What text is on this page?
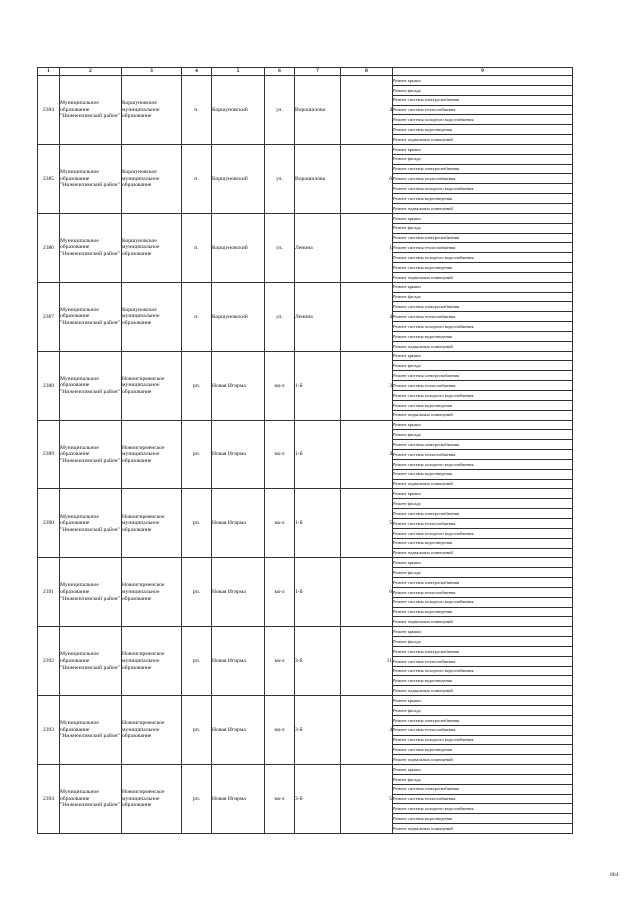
1	2	3	4	5	6	7	8	9
2384	Муниципальное образование "Нижнеилимский район"	Коршуновское муниципальное образование	п.	Коршуновский	ул.	Ворошилова	4	Ремонт крыши
								Ремонт фасада
								Ремонт системы электроснабжения
								Ремонт системы теплоснабжения
								Ремонт системы холодного водоснабжения
								Ремонт системы водоотведения
								Ремонт подвальных помещений
2385	Муниципальное образование "Нижнеилимский район"	Коршуновское муниципальное образование	п.	Коршуновский	ул.	Ворошилова	6	Ремонт крыши
								Ремонт фасада
								Ремонт системы электроснабжения
								Ремонт системы теплоснабжения
								Ремонт системы холодного водоснабжения
								Ремонт системы водоотведения
								Ремонт подвальных помещений
2386	Муниципальное образование "Нижнеилимский район"	Коршуновское муниципальное образование	п.	Коршуновский	ул.	Ленина	1	Ремонт крыши
								Ремонт фасада
								Ремонт системы электроснабжения
								Ремонт системы теплоснабжения
								Ремонт системы холодного водоснабжения
								Ремонт системы водоотведения
								Ремонт подвальных помещений
2387	Муниципальное образование "Нижнеилимский район"	Коршуновское муниципальное образование	п.	Коршуновский	ул.	Ленина	4	Ремонт крыши
								Ремонт фасада
								Ремонт системы электроснабжения
								Ремонт системы теплоснабжения
								Ремонт системы холодного водоснабжения
								Ремонт системы водоотведения
								Ремонт подвальных помещений
2388	Муниципальное образование "Нижнеилимский район"	Новоигирменское муниципальное образование	рп.	Новая Игирма	кв-л	1-й	3	Ремонт крыши
								Ремонт фасада
								Ремонт системы электроснабжения
								Ремонт системы теплоснабжения
								Ремонт системы холодного водоснабжения
								Ремонт системы водоотведения
								Ремонт подвальных помещений
2389	Муниципальное образование "Нижнеилимский район"	Новоигирменское муниципальное образование	рп.	Новая Игирма	кв-л	1-й	4	Ремонт крыши
								Ремонт фасада
								Ремонт системы электроснабжения
								Ремонт системы теплоснабжения
								Ремонт системы холодного водоснабжения
								Ремонт системы водоотведения
								Ремонт подвальных помещений
2390	Муниципальное образование "Нижнеилимский район"	Новоигирменское муниципальное образование	рп.	Новая Игирма	кв-л	1-й	5	Ремонт крыши
								Ремонт фасада
								Ремонт системы электроснабжения
								Ремонт системы теплоснабжения
								Ремонт системы холодного водоснабжения
								Ремонт системы водоотведения
								Ремонт подвальных помещений
2391	Муниципальное образование "Нижнеилимский район"	Новоигирменское муниципальное образование	рп.	Новая Игирма	кв-л	1-й	6	Ремонт крыши
								Ремонт фасада
								Ремонт системы электроснабжения
								Ремонт системы теплоснабжения
								Ремонт системы холодного водоснабжения
								Ремонт системы водоотведения
								Ремонт подвальных помещений
2392	Муниципальное образование "Нижнеилимский район"	Новоигирменское муниципальное образование	рп.	Новая Игирма	кв-л	3-й	11	Ремонт крыши
								Ремонт фасада
								Ремонт системы электроснабжения
								Ремонт системы теплоснабжения
								Ремонт системы холодного водоснабжения
								Ремонт системы водоотведения
								Ремонт подвальных помещений
2393	Муниципальное образование "Нижнеилимский район"	Новоигирменское муниципальное образование	рп.	Новая Игирма	кв-л	3-й	4	Ремонт крыши
								Ремонт фасада
								Ремонт системы электроснабжения
								Ремонт системы теплоснабжения
								Ремонт системы холодного водоснабжения
								Ремонт системы водоотведения
								Ремонт подвальных помещений
2394	Муниципальное образование "Нижнеилимский район"	Новоигирменское муниципальное образование	рп.	Новая Игирма	кв-л	3-й	5	Ремонт крыши
								Ремонт фасада
								Ремонт системы электроснабжения
								Ремонт системы теплоснабжения
								Ремонт системы холодного водоснабжения
								Ремонт системы водоотведения
								Ремонт подвальных помещений
804
